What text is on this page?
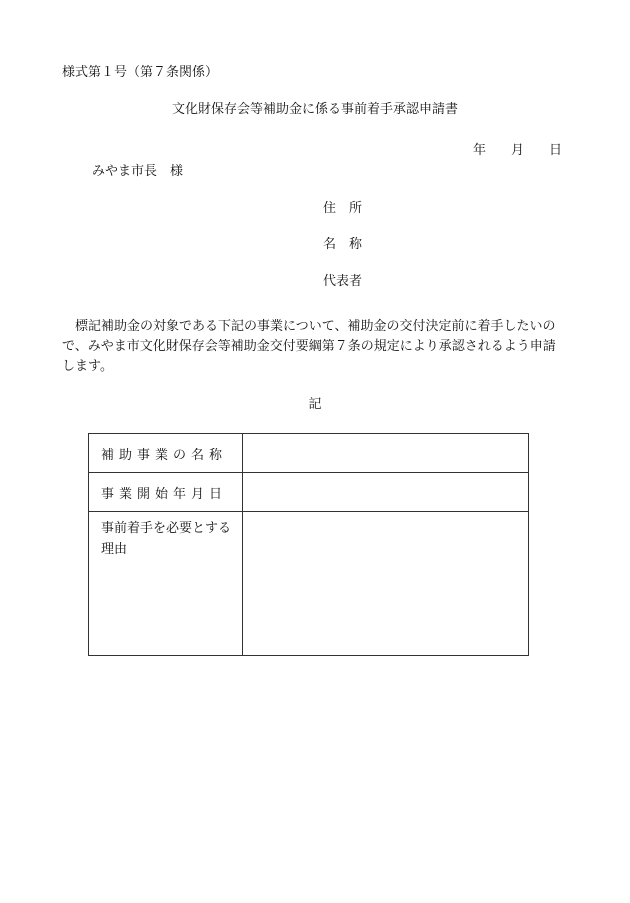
様式第１号（第７条関係）
文化財保存会等補助金に係る事前着手承認申請書
年 月 日
みやま市長　様
住　所
名　称
代表者
標記補助金の対象である下記の事業について、補助金の交付決定前に着手したいので、みやま市文化財保存会等補助金交付要綱第７条の規定により承認されるよう申請します。
記
補助事業の名称	
事業開始年月日	
事前着手を必要とする理由	
